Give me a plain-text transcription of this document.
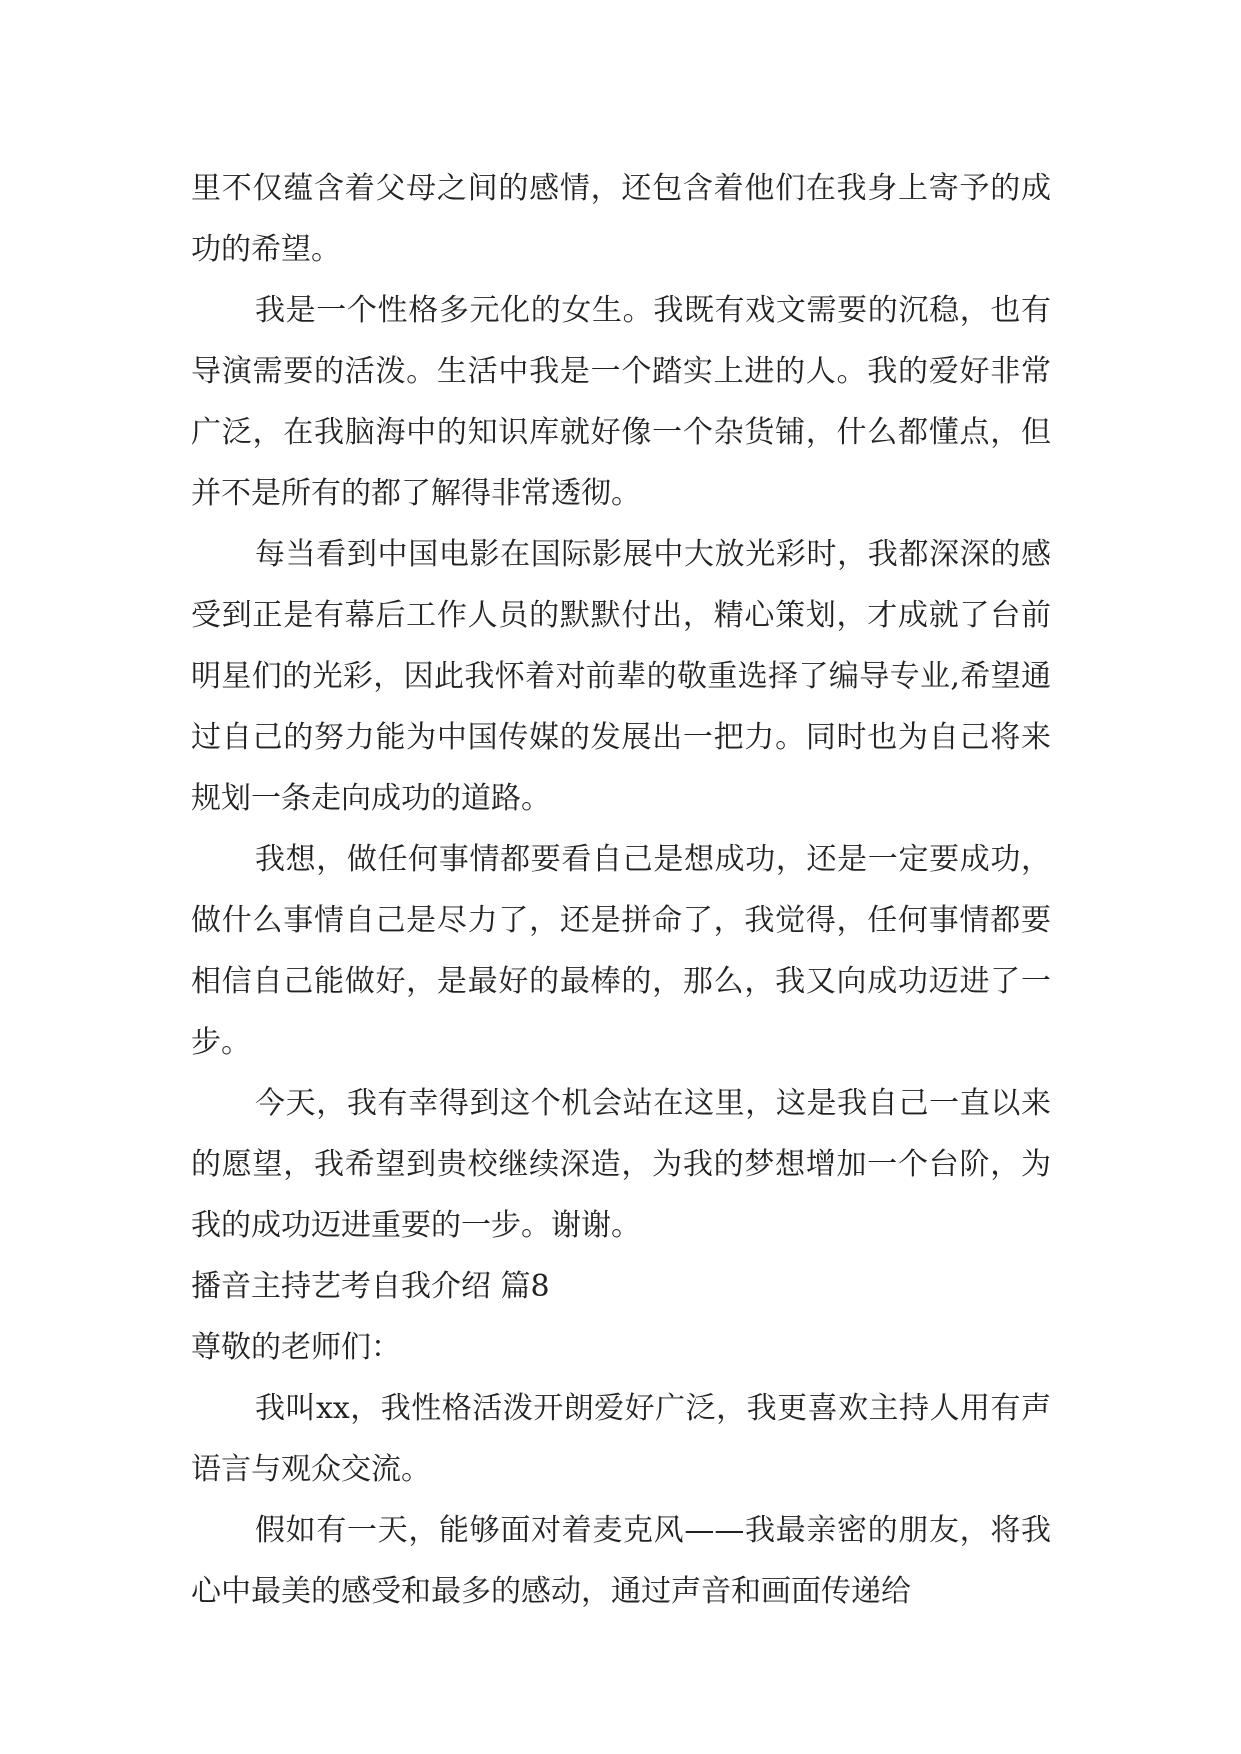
里不仅蕴含着父母之间的感情，还包含着他们在我身上寄予的成功的希望。

我是一个性格多元化的女生。我既有戏文需要的沉稳，也有导演需要的活泼。生活中我是一个踏实上进的人。我的爱好非常广泛，在我脑海中的知识库就好像一个杂货铺，什么都懂点，但并不是所有的都了解得非常透彻。

每当看到中国电影在国际影展中大放光彩时，我都深深的感受到正是有幕后工作人员的默默付出，精心策划，才成就了台前明星们的光彩，因此我怀着对前辈的敬重选择了编导专业,希望通过自己的努力能为中国传媒的发展出一把力。同时也为自己将来规划一条走向成功的道路。

我想，做任何事情都要看自己是想成功，还是一定要成功，做什么事情自己是尽力了，还是拼命了，我觉得，任何事情都要相信自己能做好，是最好的最棒的，那么，我又向成功迈进了一步。

今天，我有幸得到这个机会站在这里，这是我自己一直以来的愿望，我希望到贵校继续深造，为我的梦想增加一个台阶，为我的成功迈进重要的一步。谢谢。

播音主持艺考自我介绍 篇8

尊敬的老师们：

我叫xx，我性格活泼开朗爱好广泛，我更喜欢主持人用有声语言与观众交流。

假如有一天，能够面对着麦克风——我最亲密的朋友，将我心中最美的感受和最多的感动，通过声音和画面传递给
